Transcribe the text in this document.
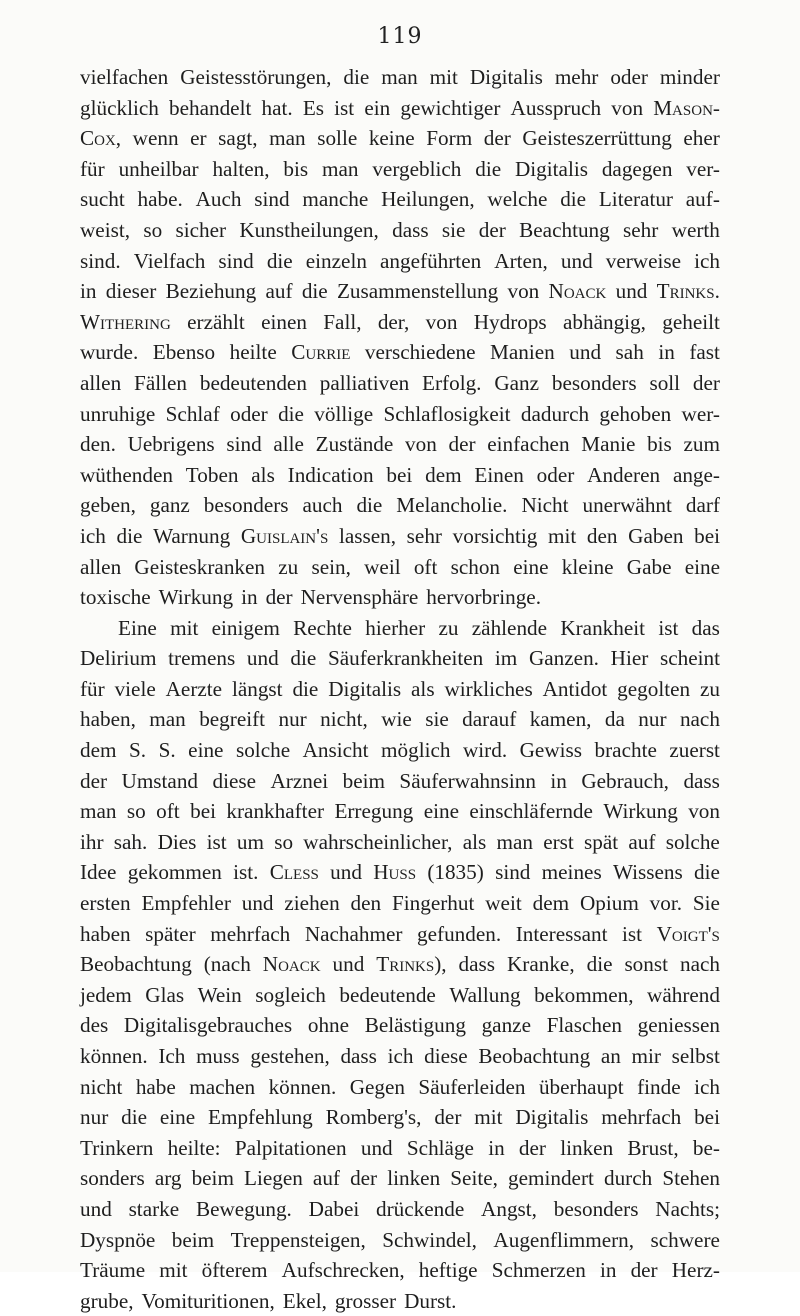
119
vielfachen Geistesstörungen, die man mit Digitalis mehr oder minder
glücklich behandelt hat. Es ist ein gewichtiger Ausspruch von Mason-
Cox, wenn er sagt, man solle keine Form der Geisteszerrüttung eher
für unheilbar halten, bis man vergeblich die Digitalis dagegen ver-
sucht habe. Auch sind manche Heilungen, welche die Literatur auf-
weist, so sicher Kunstheilungen, dass sie der Beachtung sehr werth
sind. Vielfach sind die einzeln angeführten Arten, und verweise ich
in dieser Beziehung auf die Zusammenstellung von Noack und Trinks.
Withering erzählt einen Fall, der, von Hydrops abhängig, geheilt
wurde. Ebenso heilte Currie verschiedene Manien und sah in fast
allen Fällen bedeutenden palliativen Erfolg. Ganz besonders soll der
unruhige Schlaf oder die völlige Schlaflosigkeit dadurch gehoben wer-
den. Uebrigens sind alle Zustände von der einfachen Manie bis zum
wüthenden Toben als Indication bei dem Einen oder Anderen ange-
geben, ganz besonders auch die Melancholie. Nicht unerwähnt darf
ich die Warnung Guislain's lassen, sehr vorsichtig mit den Gaben bei
allen Geisteskranken zu sein, weil oft schon eine kleine Gabe eine
toxische Wirkung in der Nervensphäre hervorbringe.
Eine mit einigem Rechte hierher zu zählende Krankheit ist das
Delirium tremens und die Säuferkrankheiten im Ganzen. Hier scheint
für viele Aerzte längst die Digitalis als wirkliches Antidot gegolten zu
haben, man begreift nur nicht, wie sie darauf kamen, da nur nach
dem S. S. eine solche Ansicht möglich wird. Gewiss brachte zuerst
der Umstand diese Arznei beim Säuferwahnsinn in Gebrauch, dass
man so oft bei krankhafter Erregung eine einschläfernde Wirkung von
ihr sah. Dies ist um so wahrscheinlicher, als man erst spät auf solche
Idee gekommen ist. Cless und Huss (1835) sind meines Wissens die
ersten Empfehler und ziehen den Fingerhut weit dem Opium vor. Sie
haben später mehrfach Nachahmer gefunden. Interessant ist Voigt's
Beobachtung (nach Noack und Trinks), dass Kranke, die sonst nach
jedem Glas Wein sogleich bedeutende Wallung bekommen, während
des Digitalisgebrauches ohne Belästigung ganze Flaschen geniessen
können. Ich muss gestehen, dass ich diese Beobachtung an mir selbst
nicht habe machen können. Gegen Säuferleiden überhaupt finde ich
nur die eine Empfehlung Romberg's, der mit Digitalis mehrfach bei
Trinkern heilte: Palpitationen und Schläge in der linken Brust, be-
sonders arg beim Liegen auf der linken Seite, gemindert durch Stehen
und starke Bewegung. Dabei drückende Angst, besonders Nachts;
Dyspnöe beim Treppensteigen, Schwindel, Augenflimmern, schwere
Träume mit öfterem Aufschrecken, heftige Schmerzen in der Herz-
grube, Vomituritionen, Ekel, grosser Durst.
